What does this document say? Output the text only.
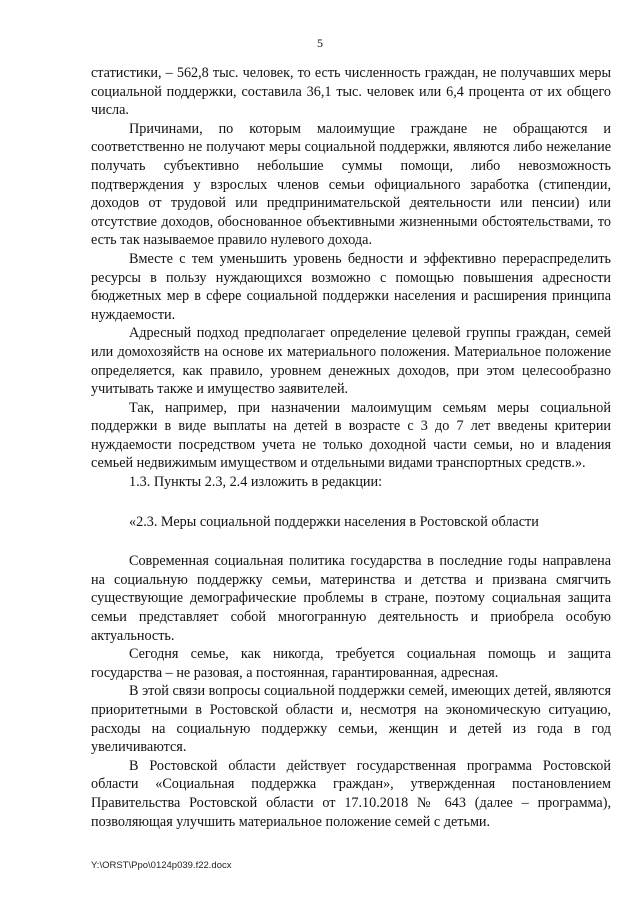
5

статистики, – 562,8 тыс. человек, то есть численность граждан, не получавших меры социальной поддержки, составила 36,1 тыс. человек или 6,4 процента от их общего числа.

Причинами, по которым малоимущие граждане не обращаются и соответственно не получают меры социальной поддержки, являются либо нежелание получать субъективно небольшие суммы помощи, либо невозможность подтверждения у взрослых членов семьи официального заработка (стипендии, доходов от трудовой или предпринимательской деятельности или пенсии) или отсутствие доходов, обоснованное объективными жизненными обстоятельствами, то есть так называемое правило нулевого дохода.

Вместе с тем уменьшить уровень бедности и эффективно перераспределить ресурсы в пользу нуждающихся возможно с помощью повышения адресности бюджетных мер в сфере социальной поддержки населения и расширения принципа нуждаемости.

Адресный подход предполагает определение целевой группы граждан, семей или домохозяйств на основе их материального положения. Материальное положение определяется, как правило, уровнем денежных доходов, при этом целесообразно учитывать также и имущество заявителей.

Так, например, при назначении малоимущим семьям меры социальной поддержки в виде выплаты на детей в возрасте с 3 до 7 лет введены критерии нуждаемости посредством учета не только доходной части семьи, но и владения семьей недвижимым имуществом и отдельными видами транспортных средств.».

1.3. Пункты 2.3, 2.4 изложить в редакции:

«2.3. Меры социальной поддержки населения в Ростовской области

Современная социальная политика государства в последние годы направлена на социальную поддержку семьи, материнства и детства и призвана смягчить существующие демографические проблемы в стране, поэтому социальная защита семьи представляет собой многогранную деятельность и приобрела особую актуальность.

Сегодня семье, как никогда, требуется социальная помощь и защита государства – не разовая, а постоянная, гарантированная, адресная.

В этой связи вопросы социальной поддержки семей, имеющих детей, являются приоритетными в Ростовской области и, несмотря на экономическую ситуацию, расходы на социальную поддержку семьи, женщин и детей из года в год увеличиваются.

В Ростовской области действует государственная программа Ростовской области «Социальная поддержка граждан», утвержденная постановлением Правительства Ростовской области от 17.10.2018 № 643 (далее – программа), позволяющая улучшить материальное положение семей с детьми.

Y:\ORST\Ppo\0124p039.f22.docx
